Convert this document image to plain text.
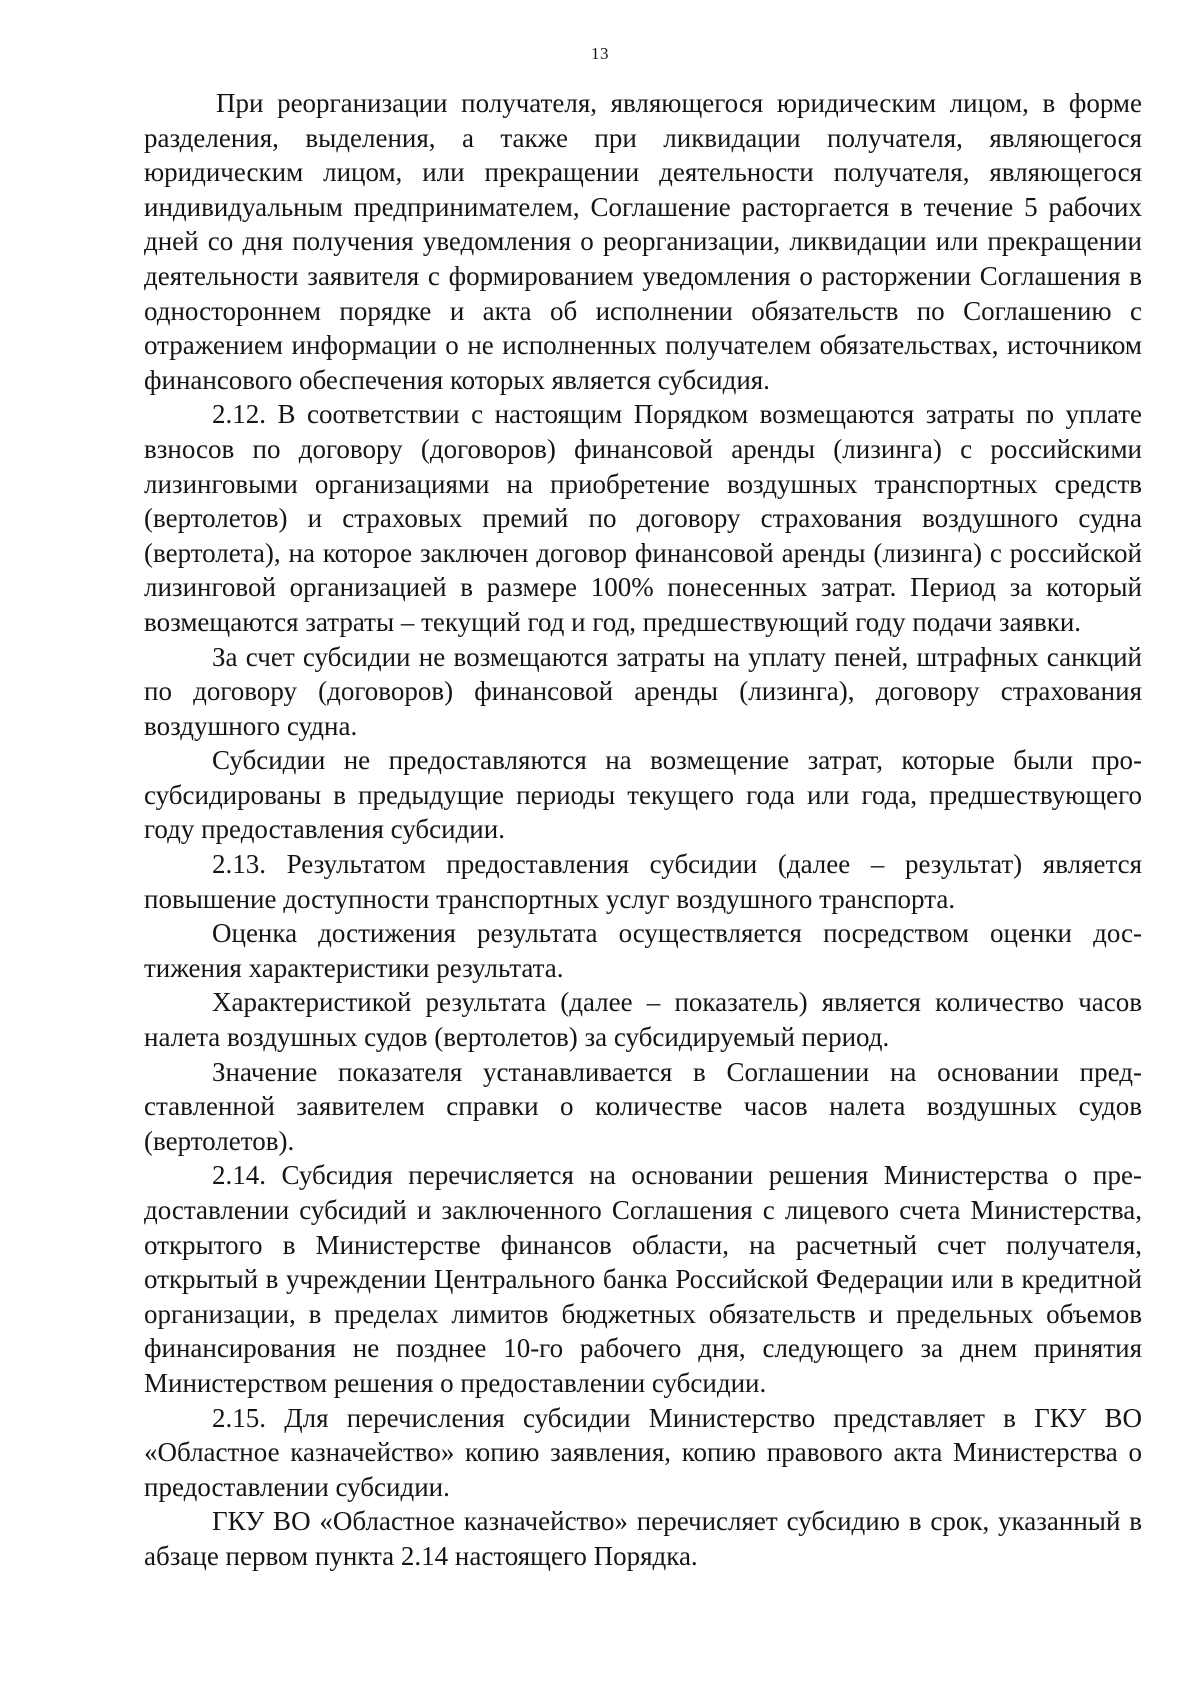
13

При реорганизации получателя, являющегося юридическим лицом, в форме разделения, выделения, а также при ликвидации получателя, являющегося юридическим лицом, или прекращении деятельности получателя, являющегося индивидуальным предпринимателем, Соглашение расторгается в течение 5 рабочих дней со дня получения уведомления о реорганизации, ликвидации или прекращении деятельности заявителя с формированием уведомления о расторжении Соглашения в одностороннем порядке и акта об исполнении обязательств по Соглашению с отражением информации о не исполненных получателем обязательствах, источником финансового обеспечения которых является субсидия.

2.12. В соответствии с настоящим Порядком возмещаются затраты по уплате взносов по договору (договоров) финансовой аренды (лизинга) с российскими лизинговыми организациями на приобретение воздушных транспортных средств (вертолетов) и страховых премий по договору страхования воздушного судна (вертолета), на которое заключен договор финансовой аренды (лизинга) с российской лизинговой организацией в размере 100% понесенных затрат. Период за который возмещаются затраты – текущий год и год, предшествующий году подачи заявки.

За счет субсидии не возмещаются затраты на уплату пеней, штрафных санкций по договору (договоров) финансовой аренды (лизинга), договору страхования воздушного судна.

Субсидии не предоставляются на возмещение затрат, которые были просубсидированы в предыдущие периоды текущего года или года, предшествующего году предоставления субсидии.

2.13. Результатом предоставления субсидии (далее – результат) является повышение доступности транспортных услуг воздушного транспорта.

Оценка достижения результата осуществляется посредством оценки достижения характеристики результата.

Характеристикой результата (далее – показатель) является количество часов налета воздушных судов (вертолетов) за субсидируемый период.

Значение показателя устанавливается в Соглашении на основании представленной заявителем справки о количестве часов налета воздушных судов (вертолетов).

2.14. Субсидия перечисляется на основании решения Министерства о предоставлении субсидий и заключенного Соглашения с лицевого счета Министерства, открытого в Министерстве финансов области, на расчетный счет получателя, открытый в учреждении Центрального банка Российской Федерации или в кредитной организации, в пределах лимитов бюджетных обязательств и предельных объемов финансирования не позднее 10-го рабочего дня, следующего за днем принятия Министерством решения о предоставлении субсидии.

2.15. Для перечисления субсидии Министерство представляет в ГКУ ВО «Областное казначейство» копию заявления, копию правового акта Министерства о предоставлении субсидии.

ГКУ ВО «Областное казначейство» перечисляет субсидию в срок, указанный в абзаце первом пункта 2.14 настоящего Порядка.
